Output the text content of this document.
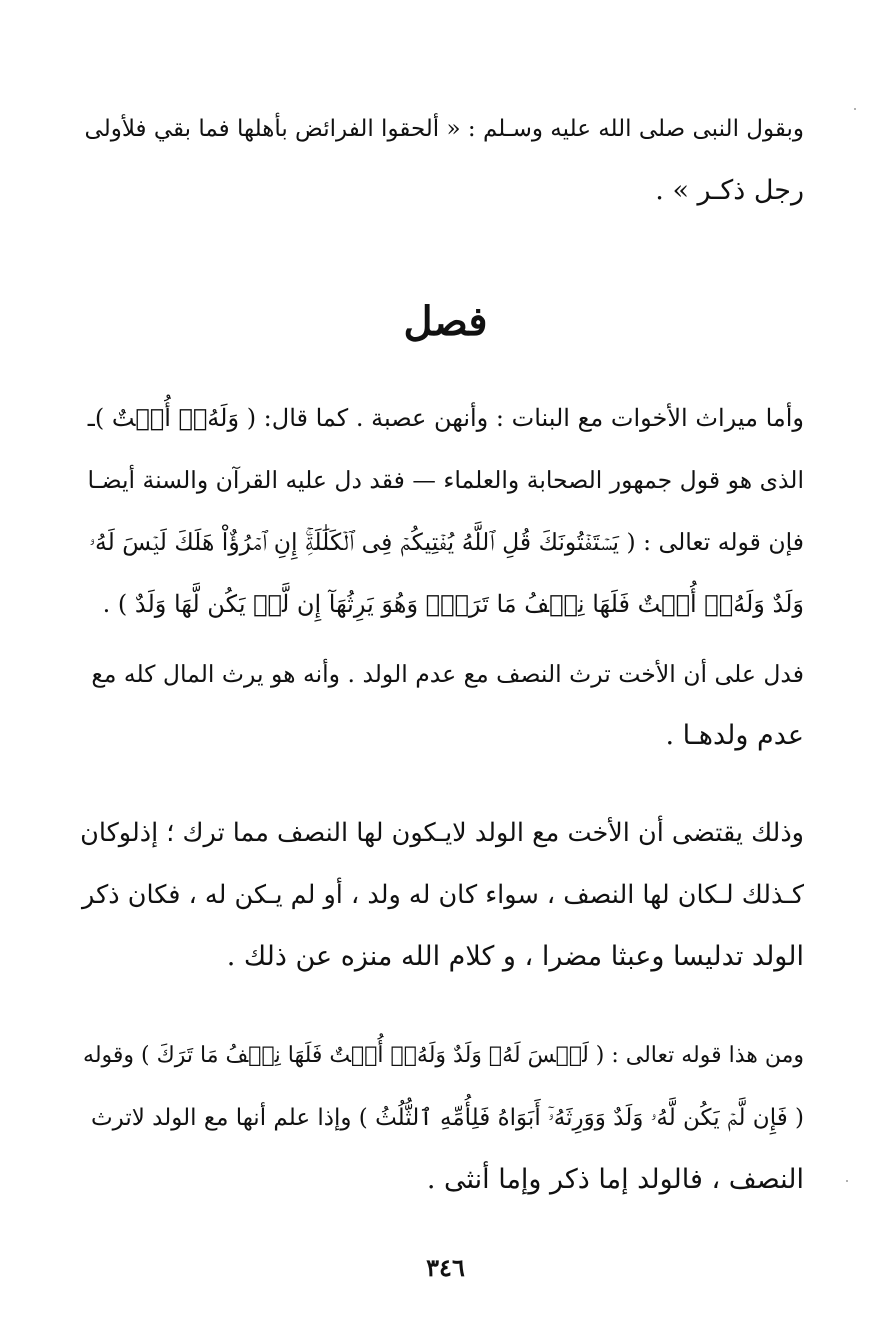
وبقول النبى صلى الله عليه وسـلم : « ألحقوا الفرائض بأهلها فما بقي فلأولى
رجل ذكـر » .
فصل
وأما ميراث الأخوات مع البنات : وأنهن عصبة . كما قال: ( وَلَهُۥٓ أُخۡتٌ )ـ
الذى هو قول جمهور الصحابة والعلماء — فقد دل عليه القرآن والسنة أيضـا
فإن قوله تعالى : ( يَسۡتَفۡتُونَكَ قُلِ ٱللَّهُ يُفۡتِيكُمۡ فِى ٱلۡكَلَٰلَةِۚ إِنِ ٱمۡرُؤٌاْ هَلَكَ لَيۡسَ لَهُۥ
وَلَدٌ وَلَهُۥٓ أُخۡتٌ فَلَهَا نِصۡفُ مَا تَرَكَۚ وَهُوَ يَرِثُهَآ إِن لَّمۡ يَكُن لَّهَا وَلَدٌ ) .
فدل على أن الأخت ترث النصف مع عدم الولد . وأنه هو يرث المال كله مع
عدم ولدهـا .
وذلك يقتضى أن الأخت مع الولد لايـكون لها النصف مما ترك ؛ إذلوكان
كـذلك لـكان لها النصف ، سواء كان له ولد ، أو لم يـكن له ، فكان ذكر
الولد تدليسا وعبثا مضرا ، و كلام الله منزه عن ذلك .
ومن هذا قوله تعالى : ( لَيۡسَ لَهُۥ وَلَدٌ وَلَهُۥٓ أُخۡتٌ فَلَهَا نِصۡفُ مَا تَرَكَ ) وقوله
( فَإِن لَّمۡ يَكُن لَّهُۥ وَلَدٌ وَوَرِثَهُۥٓ أَبَوَاهُ فَلِأُمِّهِ ٱلثُّلُثُ ) وإذا علم أنها مع الولد لاترث
النصف ، فالولد إما ذكر وإما أنثى .
٣٤٦
